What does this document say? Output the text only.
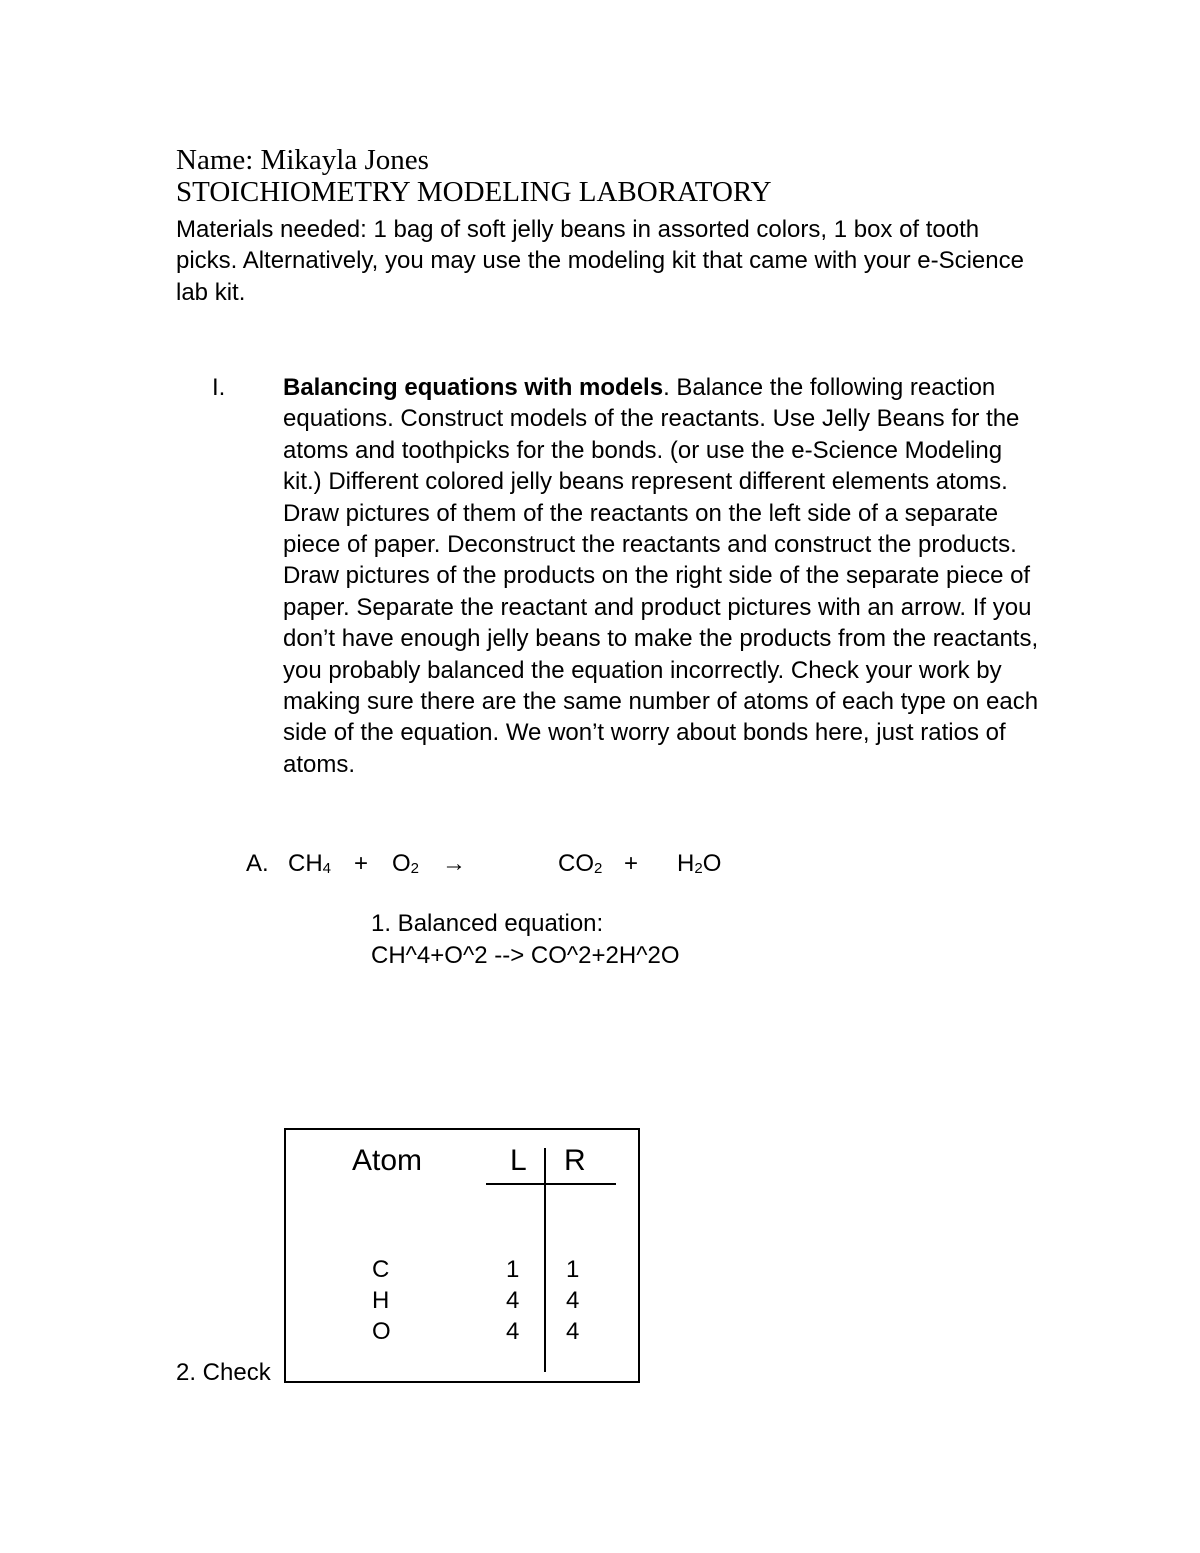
Name: Mikayla Jones
STOICHIOMETRY MODELING LABORATORY

Materials needed: 1 bag of soft jelly beans in assorted colors, 1 box of tooth picks. Alternatively, you may use the modeling kit that came with your e-Science lab kit.

I. Balancing equations with models. Balance the following reaction equations. Construct models of the reactants. Use Jelly Beans for the atoms and toothpicks for the bonds. (or use the e-Science Modeling kit.) Different colored jelly beans represent different elements atoms. Draw pictures of them of the reactants on the left side of a separate piece of paper. Deconstruct the reactants and construct the products. Draw pictures of the products on the right side of the separate piece of paper. Separate the reactant and product pictures with an arrow. If you don’t have enough jelly beans to make the products from the reactants, you probably balanced the equation incorrectly. Check your work by making sure there are the same number of atoms of each type on each side of the equation. We won’t worry about bonds here, just ratios of atoms.

A. $CH_4 + O_2$ →	$CO_2 + H_2O$
1. Balanced equation:
CH^4+O^2 --> CO^2+2H^2O
2. Check
Atom	L R
C
H
O
1
4
4
1
4
4
